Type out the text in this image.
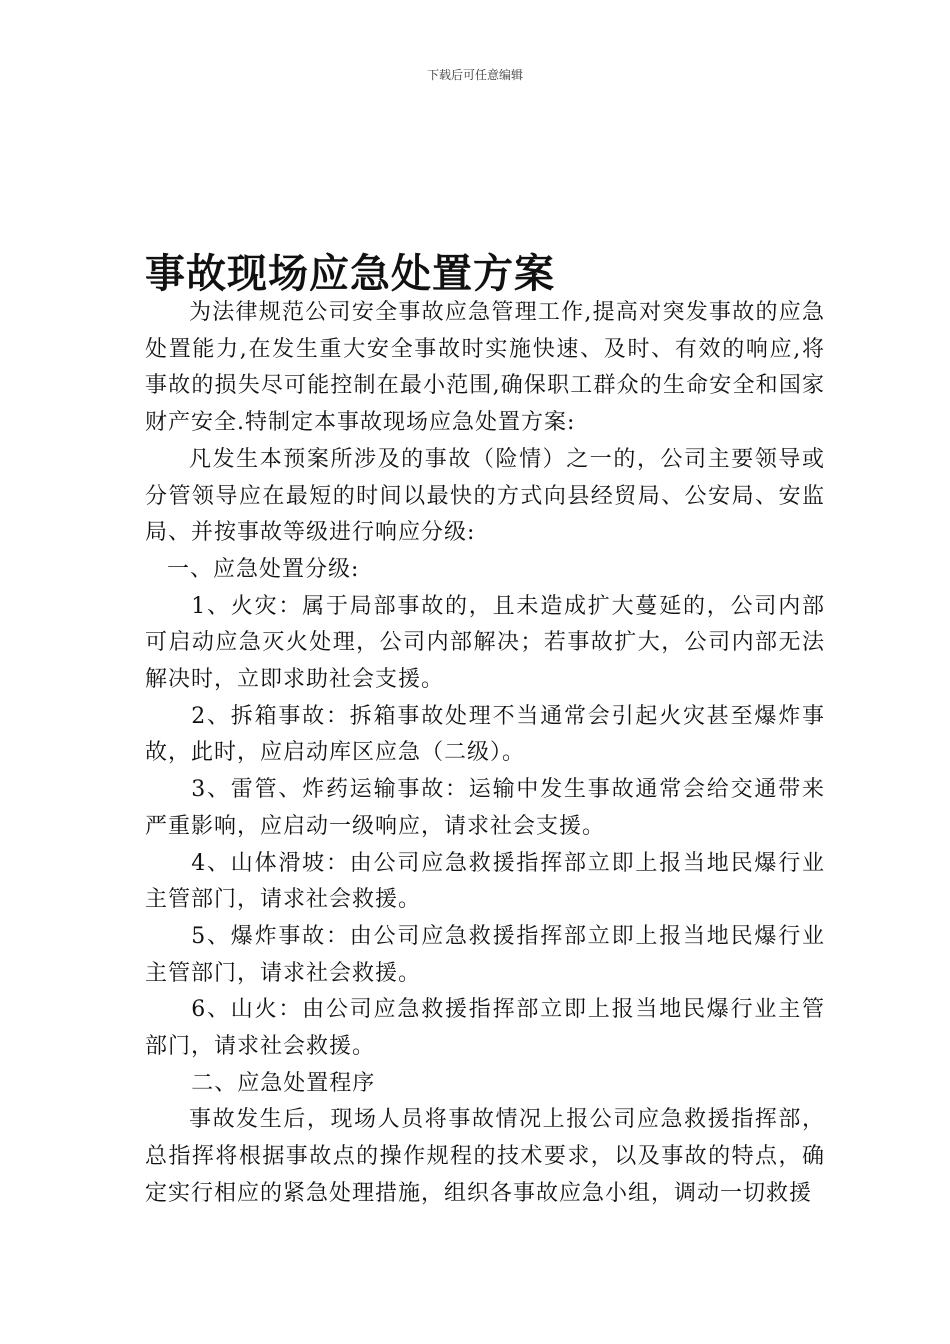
下载后可任意编辑
事故现场应急处置方案

为法律规范公司安全事故应急管理工作,提高对突发事故的应急处置能力,在发生重大安全事故时实施快速、及时、有效的响应,将事故的损失尽可能控制在最小范围,确保职工群众的生命安全和国家财产安全.特制定本事故现场应急处置方案:

凡发生本预案所涉及的事故（险情）之一的，公司主要领导或分管领导应在最短的时间以最快的方式向县经贸局、公安局、安监局、并按事故等级进行响应分级:

一、应急处置分级:

1、火灾：属于局部事故的，且未造成扩大蔓延的，公司内部可启动应急灭火处理，公司内部解决；若事故扩大，公司内部无法解决时，立即求助社会支援。

2、拆箱事故：拆箱事故处理不当通常会引起火灾甚至爆炸事故，此时，应启动库区应急（二级）。

3、雷管、炸药运输事故：运输中发生事故通常会给交通带来严重影响，应启动一级响应，请求社会支援。

4、山体滑坡：由公司应急救援指挥部立即上报当地民爆行业主管部门，请求社会救援。

5、爆炸事故：由公司应急救援指挥部立即上报当地民爆行业主管部门，请求社会救援。

6、山火：由公司应急救援指挥部立即上报当地民爆行业主管部门，请求社会救援。

二、应急处置程序

事故发生后，现场人员将事故情况上报公司应急救援指挥部，总指挥将根据事故点的操作规程的技术要求，以及事故的特点，确定实行相应的紧急处理措施，组织各事故应急小组，调动一切救援
